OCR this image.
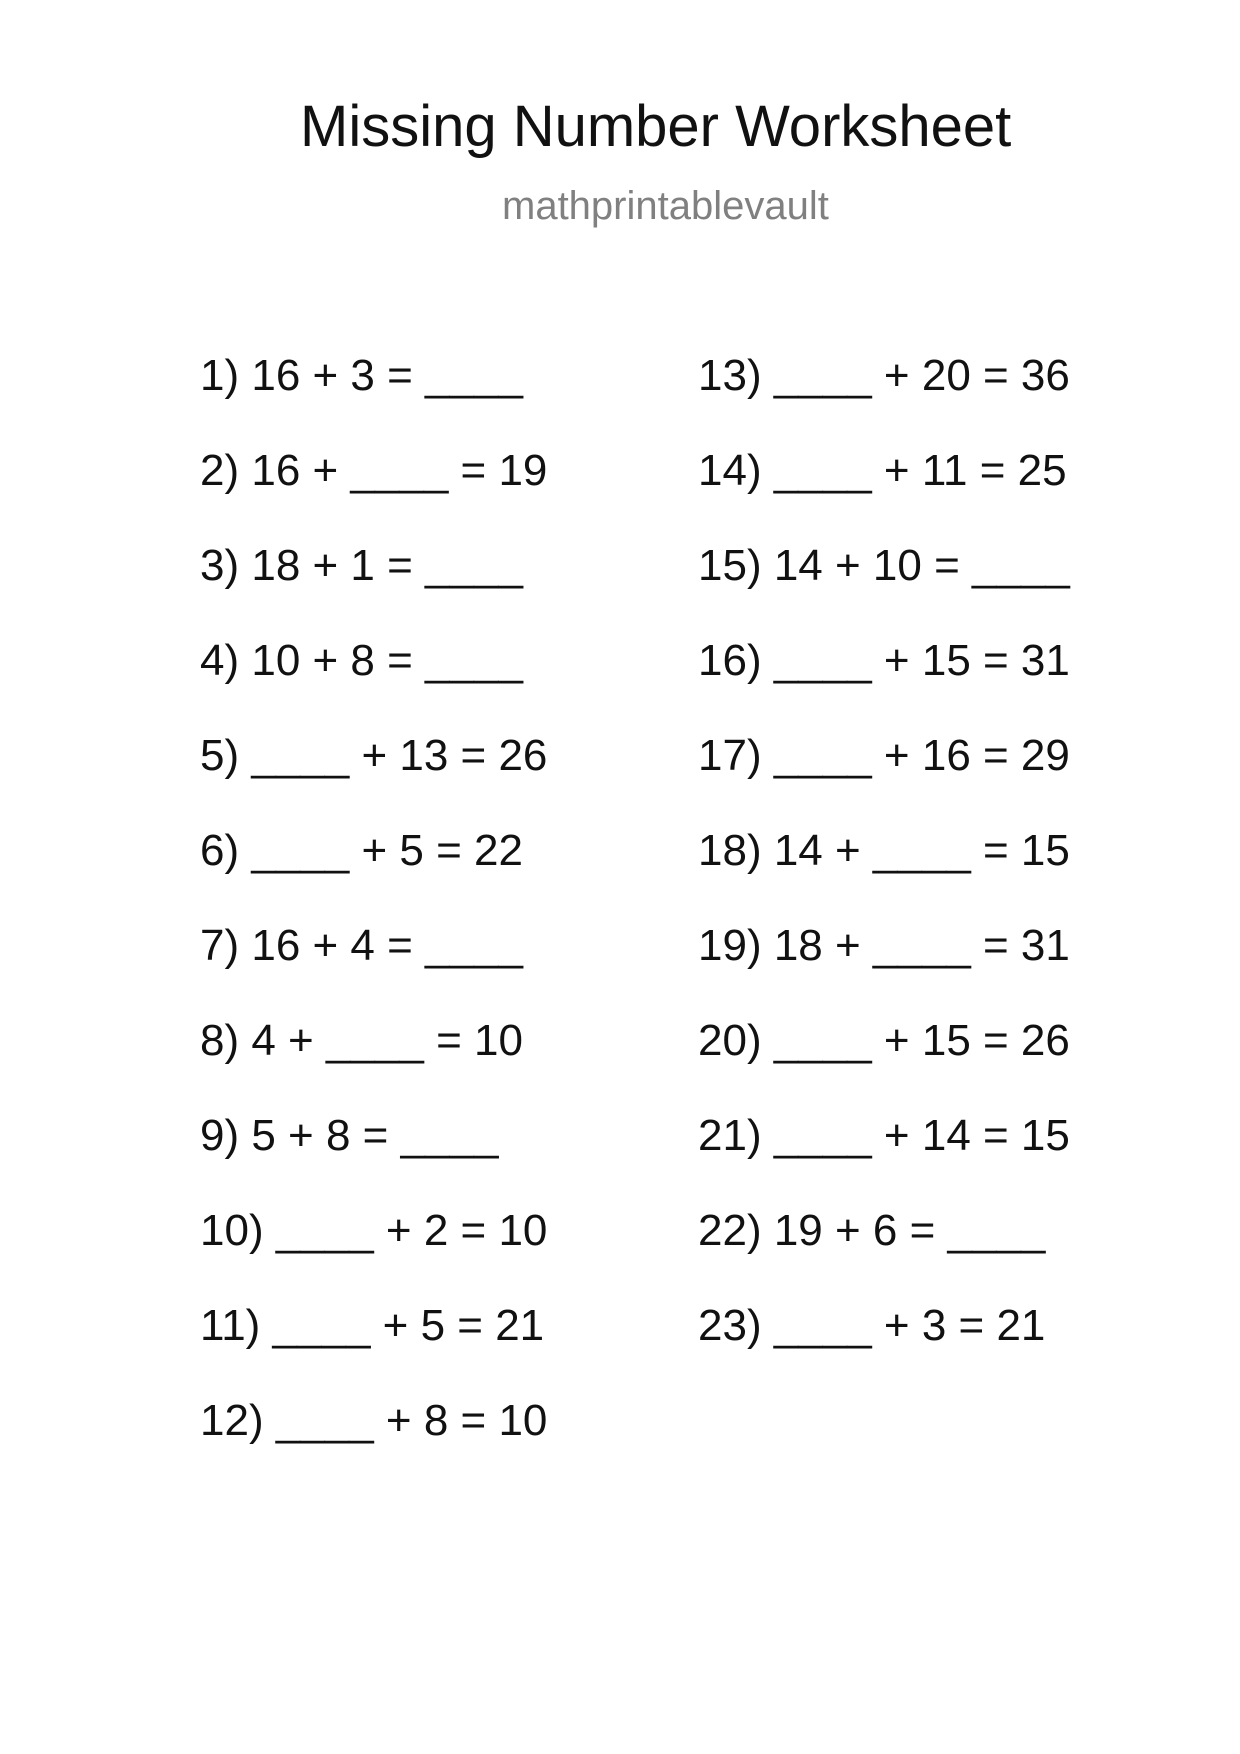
Missing Number Worksheet
mathprintablevault
1) 16 + 3 = ____
2) 16 + ____ = 19
3) 18 + 1 = ____
4) 10 + 8 = ____
5) ____ + 13 = 26
6) ____ + 5 = 22
7) 16 + 4 = ____
8) 4 + ____ = 10
9) 5 + 8 = ____
10) ____ + 2 = 10
11) ____ + 5 = 21
12) ____ + 8 = 10
13) ____ + 20 = 36
14) ____ + 11 = 25
15) 14 + 10 = ____
16) ____ + 15 = 31
17) ____ + 16 = 29
18) 14 + ____ = 15
19) 18 + ____ = 31
20) ____ + 15 = 26
21) ____ + 14 = 15
22) 19 + 6 = ____
23) ____ + 3 = 21
